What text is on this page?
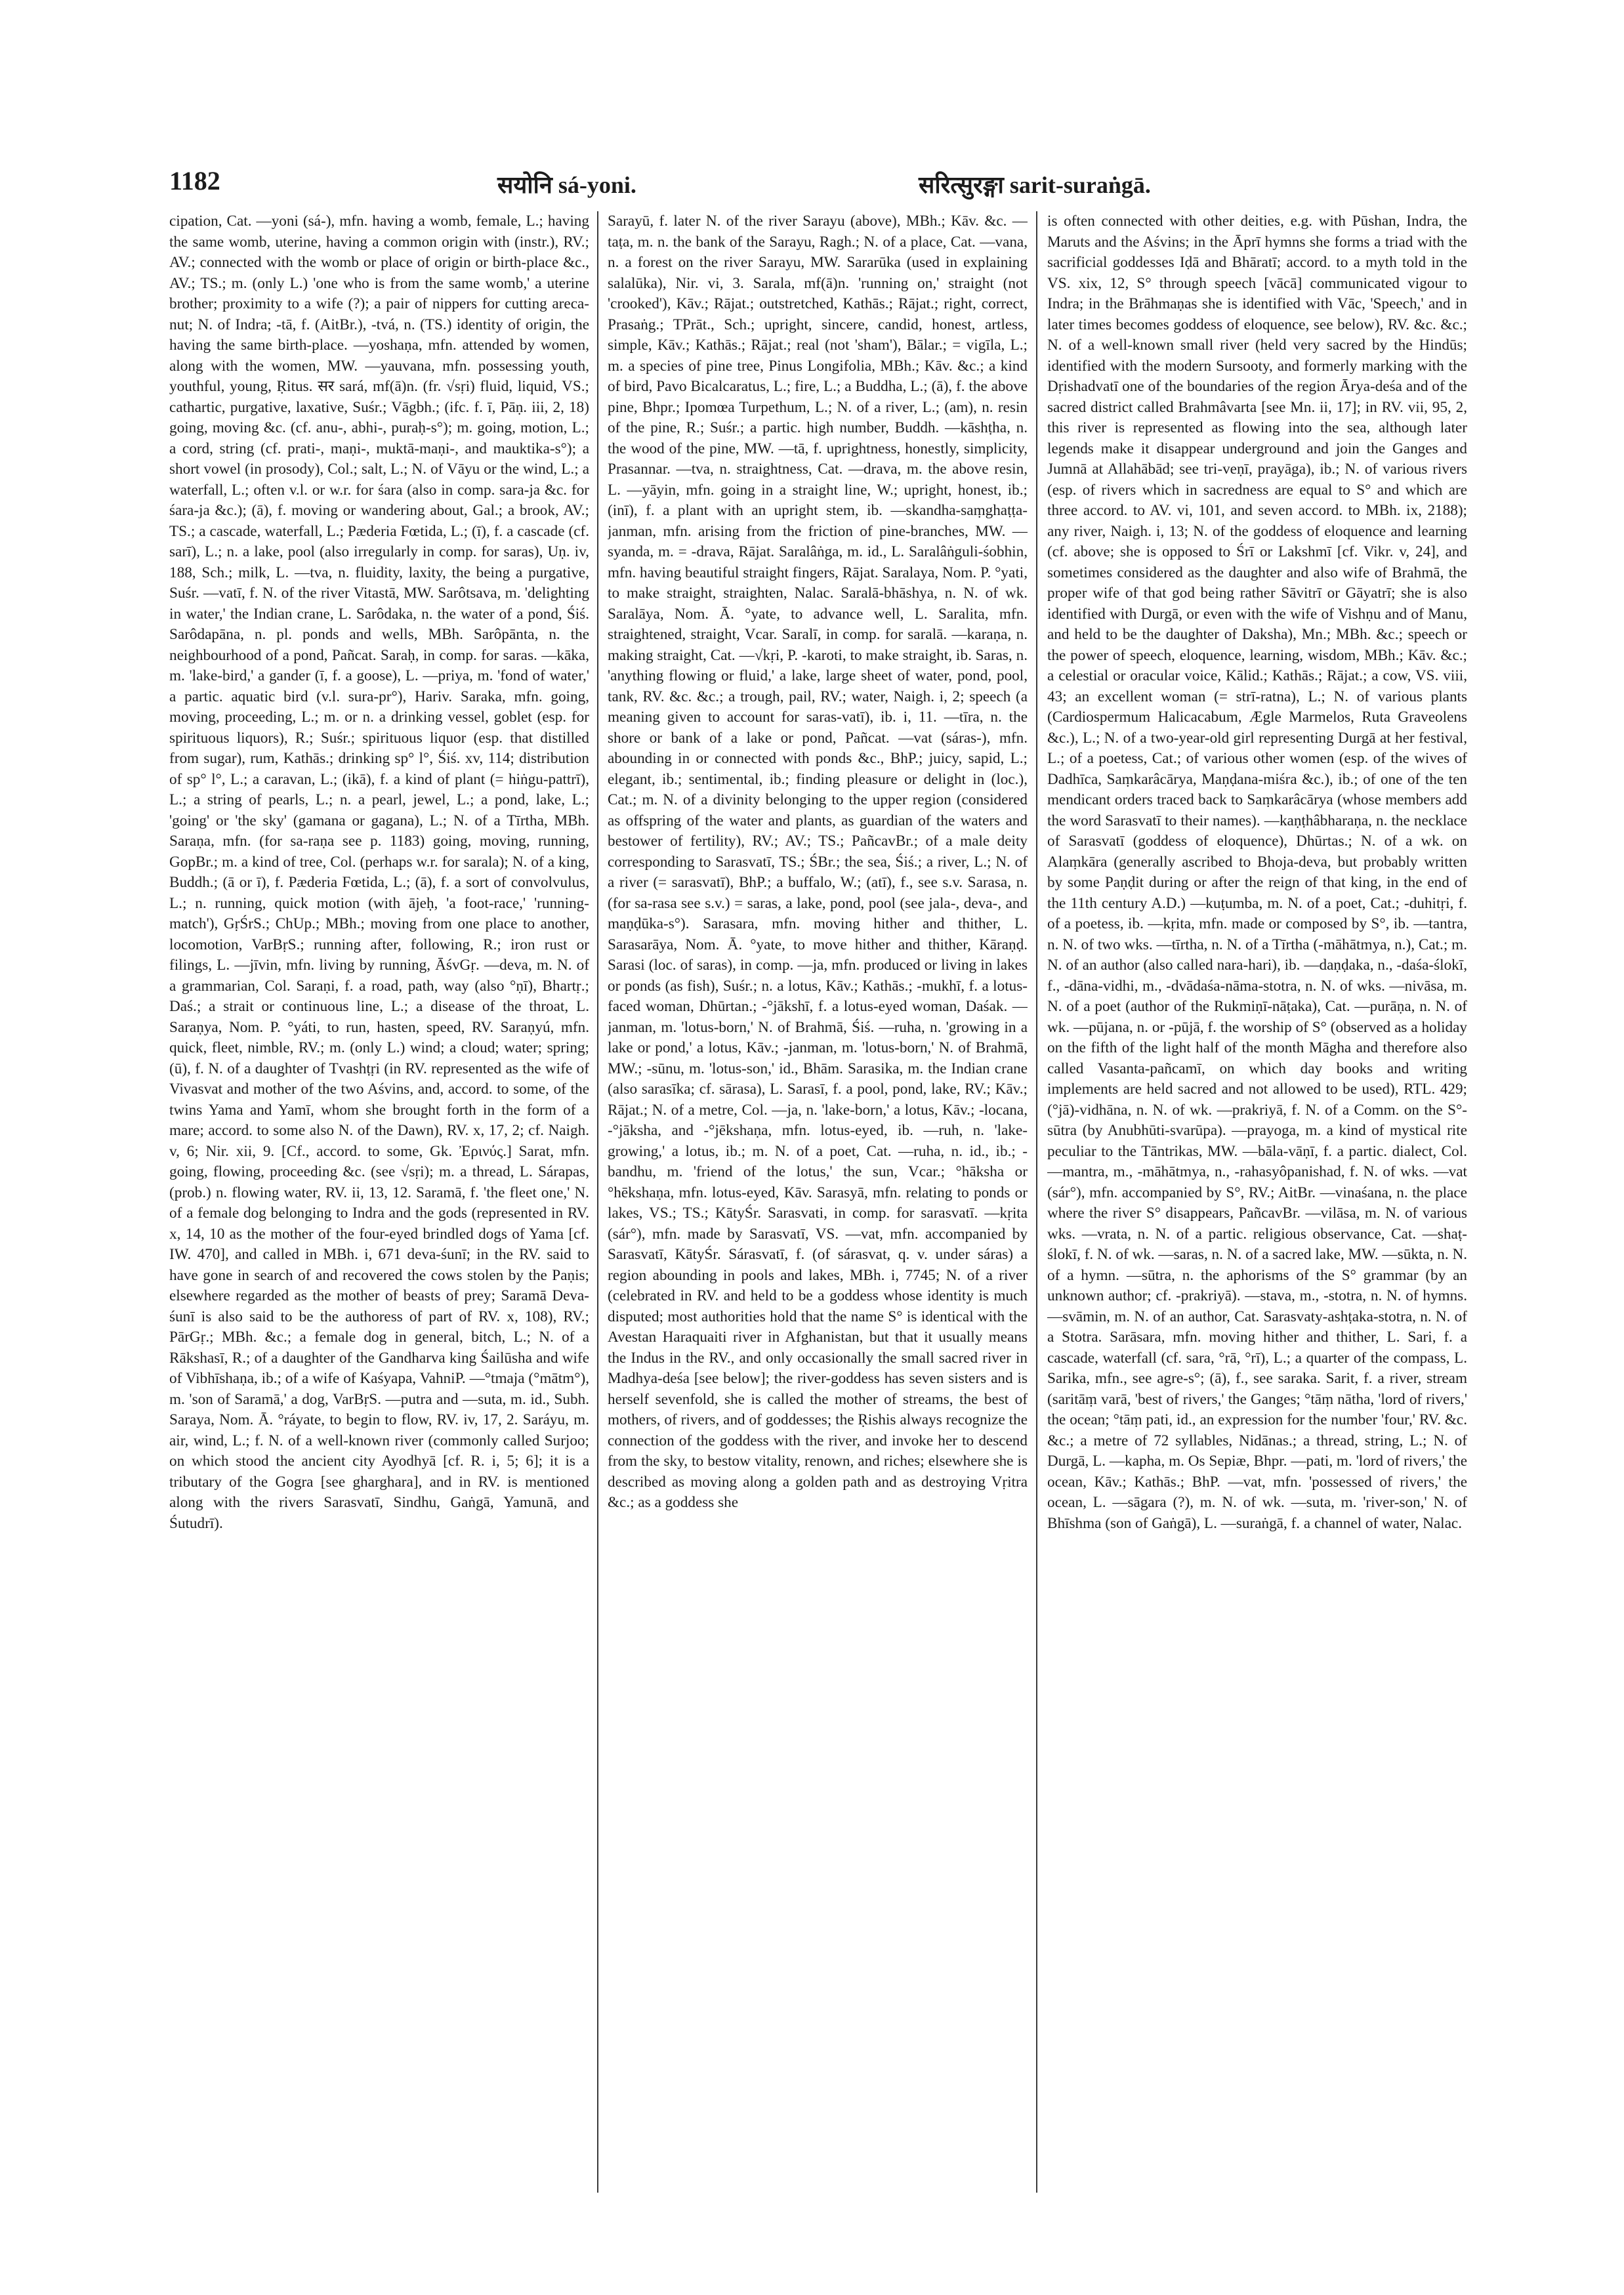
1182	सयोनि sá-yoni.	सरित्सुरङ्गा sarit-suraṅgā.

cipation, Cat. —yoni (sá-), mfn. having a womb, female, L.; having the same womb, uterine, having a common origin with (instr.), RV.; AV.; connected with the womb or place of origin or birth-place &c., AV.; TS.; m. (only L.) 'one who is from the same womb,' a uterine brother; proximity to a wife (?); a pair of nippers for cutting areca-nut; N. of Indra; -tā, f. (AitBr.), -tvá, n. (TS.) identity of origin, the having the same birth-place. —yoshaṇa, mfn. attended by women, along with the women, MW. —yauvana, mfn. possessing youth, youthful, young, Ṛitus. सर sará, mf(ā)n. (fr. √sṛi) fluid, liquid, VS.; cathartic, purgative, laxative, Suśr.; Vāgbh.; (ifc. f. ī, Pāṇ. iii, 2, 18) going, moving &c. (cf. anu-, abhi-, puraḥ-s°); m. going, motion, L.; a cord, string (cf. prati-, maṇi-, muktā-maṇi-, and mauktika-s°); a short vowel (in prosody), Col.; salt, L.; N. of Vāyu or the wind, L.; a waterfall, L.; often v.l. or w.r. for śara (also in comp. sara-ja &c. for śara-ja &c.); (ā), f. moving or wandering about, Gal.; a brook, AV.; TS.; a cascade, waterfall, L.; Pæderia Fœtida, L.; (ī), f. a cascade (cf. sarī), L.; n. a lake, pool (also irregularly in comp. for saras), Uṇ. iv, 188, Sch.; milk, L. —tva, n. fluidity, laxity, the being a purgative, Suśr. —vatī, f. N. of the river Vitastā, MW. Sarôtsava, m. 'delighting in water,' the Indian crane, L. Sarôdaka, n. the water of a pond, Śiś. Sarôdapāna, n. pl. ponds and wells, MBh. Sarôpānta, n. the neighbourhood of a pond, Pañcat. Saraḥ, in comp. for saras. —kāka, m. 'lake-bird,' a gander (ī, f. a goose), L. —priya, m. 'fond of water,' a partic. aquatic bird (v.l. sura-pr°), Hariv. Saraka, mfn. going, moving, proceeding, L.; m. or n. a drinking vessel, goblet (esp. for spirituous liquors), R.; Suśr.; spirituous liquor (esp. that distilled from sugar), rum, Kathās.; drinking sp° l°, Śiś. xv, 114; distribution of sp° l°, L.; a caravan, L.; (ikā), f. a kind of plant (= hiṅgu-pattrī), L.; a string of pearls, L.; n. a pearl, jewel, L.; a pond, lake, L.; 'going' or 'the sky' (gamana or gagana), L.; N. of a Tīrtha, MBh. Saraṇa, mfn. (for sa-raṇa see p. 1183) going, moving, running, GopBr.; m. a kind of tree, Col. (perhaps w.r. for sarala); N. of a king, Buddh.; (ā or ī), f. Pæderia Fœtida, L.; (ā), f. a sort of convolvulus, L.; n. running, quick motion (with ājeḥ, 'a foot-race,' 'running-match'), GṛŚrS.; ChUp.; MBh.; moving from one place to another, locomotion, VarBṛS.; running after, following, R.; iron rust or filings, L. —jīvin, mfn. living by running, ĀśvGṛ. —deva, m. N. of a grammarian, Col. Saraṇi, f. a road, path, way (also °ṇī), Bhartṛ.; Daś.; a strait or continuous line, L.; a disease of the throat, L. Saraṇya, Nom. P. °yáti, to run, hasten, speed, RV. Saraṇyú, mfn. quick, fleet, nimble, RV.; m. (only L.) wind; a cloud; water; spring; (ū), f. N. of a daughter of Tvashṭṛi (in RV. represented as the wife of Vivasvat and mother of the two Aśvins, and, accord. to some, of the twins Yama and Yamī, whom she brought forth in the form of a mare; accord. to some also N. of the Dawn), RV. x, 17, 2; cf. Naigh. v, 6; Nir. xii, 9. [Cf., accord. to some, Gk. Ἐρινύς.] Sarat, mfn. going, flowing, proceeding &c. (see √sṛi); m. a thread, L. Sárapas, (prob.) n. flowing water, RV. ii, 13, 12. Saramā, f. 'the fleet one,' N. of a female dog belonging to Indra and the gods (represented in RV. x, 14, 10 as the mother of the four-eyed brindled dogs of Yama [cf. IW. 470], and called in MBh. i, 671 deva-śunī; in the RV. said to have gone in search of and recovered the cows stolen by the Paṇis; elsewhere regarded as the mother of beasts of prey; Saramā Deva-śunī is also said to be the authoress of part of RV. x, 108), RV.; PārGṛ.; MBh. &c.; a female dog in general, bitch, L.; N. of a Rākshasī, R.; of a daughter of the Gandharva king Śailūsha and wife of Vibhīshaṇa, ib.; of a wife of Kaśyapa, VahniP. —°tmaja (°mātm°), m. 'son of Saramā,' a dog, VarBṛS. —putra and —suta, m. id., Subh. Saraya, Nom. Ā. °ráyate, to begin to flow, RV. iv, 17, 2. Saráyu, m. air, wind, L.; f. N. of a well-known river (commonly called Surjoo; on which stood the ancient city Ayodhyā [cf. R. i, 5; 6]; it is a tributary of the Gogra [see gharghara], and in RV. is mentioned along with the rivers Sarasvatī, Sindhu, Gaṅgā, Yamunā, and Śutudrī).

Sarayū, f. later N. of the river Sarayu (above), MBh.; Kāv. &c. —taṭa, m. n. the bank of the Sarayu, Ragh.; N. of a place, Cat. —vana, n. a forest on the river Sarayu, MW. Sararūka (used in explaining salalūka), Nir. vi, 3. Sarala, mf(ā)n. 'running on,' straight (not 'crooked'), Kāv.; Rājat.; outstretched, Kathās.; Rājat.; right, correct, Prasaṅg.; TPrāt., Sch.; upright, sincere, candid, honest, artless, simple, Kāv.; Kathās.; Rājat.; real (not 'sham'), Bālar.; = vigīla, L.; m. a species of pine tree, Pinus Longifolia, MBh.; Kāv. &c.; a kind of bird, Pavo Bicalcaratus, L.; fire, L.; a Buddha, L.; (ā), f. the above pine, Bhpr.; Ipomœa Turpethum, L.; N. of a river, L.; (am), n. resin of the pine, R.; Suśr.; a partic. high number, Buddh. —kāshṭha, n. the wood of the pine, MW. —tā, f. uprightness, honestly, simplicity, Prasannar. —tva, n. straightness, Cat. —drava, m. the above resin, L. —yāyin, mfn. going in a straight line, W.; upright, honest, ib.; (inī), f. a plant with an upright stem, ib. —skandha-saṃghaṭṭa-janman, mfn. arising from the friction of pine-branches, MW. —syanda, m. = -drava, Rājat. Saralâṅga, m. id., L. Saralâṅguli-śobhin, mfn. having beautiful straight fingers, Rājat. Saralaya, Nom. P. °yati, to make straight, straighten, Nalac. Saralā-bhāshya, n. N. of wk. Saralāya, Nom. Ā. °yate, to advance well, L. Saralita, mfn. straightened, straight, Vcar. Saralī, in comp. for saralā. —karaṇa, n. making straight, Cat. —√kṛi, P. -karoti, to make straight, ib. Saras, n. 'anything flowing or fluid,' a lake, large sheet of water, pond, pool, tank, RV. &c. &c.; a trough, pail, RV.; water, Naigh. i, 2; speech (a meaning given to account for saras-vatī), ib. i, 11. —tīra, n. the shore or bank of a lake or pond, Pañcat. —vat (sáras-), mfn. abounding in or connected with ponds &c., BhP.; juicy, sapid, L.; elegant, ib.; sentimental, ib.; finding pleasure or delight in (loc.), Cat.; m. N. of a divinity belonging to the upper region (considered as offspring of the water and plants, as guardian of the waters and bestower of fertility), RV.; AV.; TS.; PañcavBr.; of a male deity corresponding to Sarasvatī, TS.; ŚBr.; the sea, Śiś.; a river, L.; N. of a river (= sarasvatī), BhP.; a buffalo, W.; (atī), f., see s.v. Sarasa, n. (for sa-rasa see s.v.) = saras, a lake, pond, pool (see jala-, deva-, and maṇḍūka-s°). Sarasara, mfn. moving hither and thither, L. Sarasarāya, Nom. Ā. °yate, to move hither and thither, Kāraṇḍ. Sarasi (loc. of saras), in comp. —ja, mfn. produced or living in lakes or ponds (as fish), Suśr.; n. a lotus, Kāv.; Kathās.; -mukhī, f. a lotus-faced woman, Dhūrtan.; -°jākshī, f. a lotus-eyed woman, Daśak. —janman, m. 'lotus-born,' N. of Brahmā, Śiś. —ruha, n. 'growing in a lake or pond,' a lotus, Kāv.; -janman, m. 'lotus-born,' N. of Brahmā, MW.; -sūnu, m. 'lotus-son,' id., Bhām. Sarasika, m. the Indian crane (also sarasīka; cf. sārasa), L. Sarasī, f. a pool, pond, lake, RV.; Kāv.; Rājat.; N. of a metre, Col. —ja, n. 'lake-born,' a lotus, Kāv.; -locana, -°jāksha, and -°jēkshaṇa, mfn. lotus-eyed, ib. —ruh, n. 'lake-growing,' a lotus, ib.; m. N. of a poet, Cat. —ruha, n. id., ib.; -bandhu, m. 'friend of the lotus,' the sun, Vcar.; °hāksha or °hēkshaṇa, mfn. lotus-eyed, Kāv. Sarasyā, mfn. relating to ponds or lakes, VS.; TS.; KātyŚr. Sarasvati, in comp. for sarasvatī. —kṛita (sár°), mfn. made by Sarasvatī, VS. —vat, mfn. accompanied by Sarasvatī, KātyŚr. Sárasvatī, f. (of sárasvat, q. v. under sáras) a region abounding in pools and lakes, MBh. i, 7745; N. of a river (celebrated in RV. and held to be a goddess whose identity is much disputed; most authorities hold that the name S° is identical with the Avestan Haraquaiti river in Afghanistan, but that it usually means the Indus in the RV., and only occasionally the small sacred river in Madhya-deśa [see below]; the river-goddess has seven sisters and is herself sevenfold, she is called the mother of streams, the best of mothers, of rivers, and of goddesses; the Ṛishis always recognize the connection of the goddess with the river, and invoke her to descend from the sky, to bestow vitality, renown, and riches; elsewhere she is described as moving along a golden path and as destroying Vṛitra &c.; as a goddess she

is often connected with other deities, e.g. with Pūshan, Indra, the Maruts and the Aśvins; in the Āprī hymns she forms a triad with the sacrificial goddesses Iḍā and Bhāratī; accord. to a myth told in the VS. xix, 12, S° through speech [vācā] communicated vigour to Indra; in the Brāhmaṇas she is identified with Vāc, 'Speech,' and in later times becomes goddess of eloquence, see below), RV. &c. &c.; N. of a well-known small river (held very sacred by the Hindūs; identified with the modern Sursooty, and formerly marking with the Dṛishadvatī one of the boundaries of the region Ārya-deśa and of the sacred district called Brahmâvarta [see Mn. ii, 17]; in RV. vii, 95, 2, this river is represented as flowing into the sea, although later legends make it disappear underground and join the Ganges and Jumnā at Allahābād; see tri-veṇī, prayāga), ib.; N. of various rivers (esp. of rivers which in sacredness are equal to S° and which are three accord. to AV. vi, 101, and seven accord. to MBh. ix, 2188); any river, Naigh. i, 13; N. of the goddess of eloquence and learning (cf. above; she is opposed to Śrī or Lakshmī [cf. Vikr. v, 24], and sometimes considered as the daughter and also wife of Brahmā, the proper wife of that god being rather Sāvitrī or Gāyatrī; she is also identified with Durgā, or even with the wife of Vishṇu and of Manu, and held to be the daughter of Daksha), Mn.; MBh. &c.; speech or the power of speech, eloquence, learning, wisdom, MBh.; Kāv. &c.; a celestial or oracular voice, Kālid.; Kathās.; Rājat.; a cow, VS. viii, 43; an excellent woman (= strī-ratna), L.; N. of various plants (Cardiospermum Halicacabum, Ægle Marmelos, Ruta Graveolens &c.), L.; N. of a two-year-old girl representing Durgā at her festival, L.; of a poetess, Cat.; of various other women (esp. of the wives of Dadhīca, Saṃkarâcārya, Maṇḍana-miśra &c.), ib.; of one of the ten mendicant orders traced back to Saṃkarâcārya (whose members add the word Sarasvatī to their names). —kaṇṭhâbharaṇa, n. the necklace of Sarasvatī (goddess of eloquence), Dhūrtas.; N. of a wk. on Alaṃkāra (generally ascribed to Bhoja-deva, but probably written by some Paṇḍit during or after the reign of that king, in the end of the 11th century A.D.) —kuṭumba, m. N. of a poet, Cat.; -duhitṛi, f. of a poetess, ib. —kṛita, mfn. made or composed by S°, ib. —tantra, n. N. of two wks. —tīrtha, n. N. of a Tīrtha (-māhātmya, n.), Cat.; m. N. of an author (also called nara-hari), ib. —daṇḍaka, n., -daśa-ślokī, f., -dāna-vidhi, m., -dvādaśa-nāma-stotra, n. N. of wks. —nivāsa, m. N. of a poet (author of the Rukmiṇī-nāṭaka), Cat. —purāṇa, n. N. of wk. —pūjana, n. or -pūjā, f. the worship of S° (observed as a holiday on the fifth of the light half of the month Māgha and therefore also called Vasanta-pañcamī, on which day books and writing implements are held sacred and not allowed to be used), RTL. 429; (°jā)-vidhāna, n. N. of wk. —prakriyā, f. N. of a Comm. on the S°-sūtra (by Anubhūti-svarūpa). —prayoga, m. a kind of mystical rite peculiar to the Tāntrikas, MW. —bāla-vāṇī, f. a partic. dialect, Col. —mantra, m., -māhātmya, n., -rahasyôpanishad, f. N. of wks. —vat (sár°), mfn. accompanied by S°, RV.; AitBr. —vinaśana, n. the place where the river S° disappears, PañcavBr. —vilāsa, m. N. of various wks. —vrata, n. N. of a partic. religious observance, Cat. —shaṭ-ślokī, f. N. of wk. —saras, n. N. of a sacred lake, MW. —sūkta, n. N. of a hymn. —sūtra, n. the aphorisms of the S° grammar (by an unknown author; cf. -prakriyā). —stava, m., -stotra, n. N. of hymns. —svāmin, m. N. of an author, Cat. Sarasvaty-ashṭaka-stotra, n. N. of a Stotra. Sarāsara, mfn. moving hither and thither, L. Sari, f. a cascade, waterfall (cf. sara, °rā, °rī), L.; a quarter of the compass, L. Sarika, mfn., see agre-s°; (ā), f., see saraka. Sarit, f. a river, stream (saritāṃ varā, 'best of rivers,' the Ganges; °tāṃ nātha, 'lord of rivers,' the ocean; °tāṃ pati, id., an expression for the number 'four,' RV. &c. &c.; a metre of 72 syllables, Nidānas.; a thread, string, L.; N. of Durgā, L. —kapha, m. Os Sepiæ, Bhpr. —pati, m. 'lord of rivers,' the ocean, Kāv.; Kathās.; BhP. —vat, mfn. 'possessed of rivers,' the ocean, L. —sāgara (?), m. N. of wk. —suta, m. 'river-son,' N. of Bhīshma (son of Gaṅgā), L. —suraṅgā, f. a channel of water, Nalac.
